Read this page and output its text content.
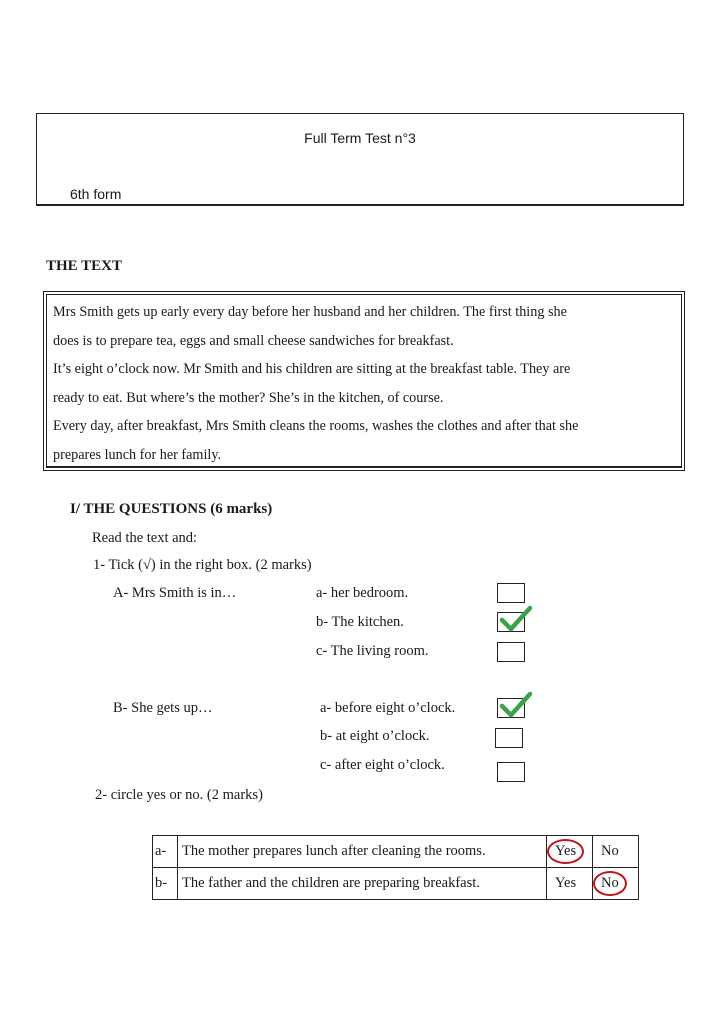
Full Term Test n°3
6th form
THE TEXT

Mrs Smith gets up early every day before her husband and her children. The first thing she

does is to prepare tea, eggs and small cheese sandwiches for breakfast.

It’s eight o’clock now. Mr Smith and his children are sitting at the breakfast table. They are

ready to eat. But where’s the mother? She’s in the kitchen, of course.

Every day, after breakfast, Mrs Smith cleans the rooms, washes the clothes and after that she

prepares lunch for her family.

I/ THE QUESTIONS (6 marks)
Read the text and:
1- Tick (√) in the right box. (2 marks)
A- Mrs Smith is in…	a- her bedroom.
b- The kitchen.
c- The living room.
B- She gets up…	a- before eight o’clock.
b- at eight o’clock.
c- after eight o’clock.
2- circle yes or no. (2 marks)
a-	The mother prepares lunch after cleaning the rooms.	Yes	No
b-	The father and the children are preparing breakfast.	Yes	No
